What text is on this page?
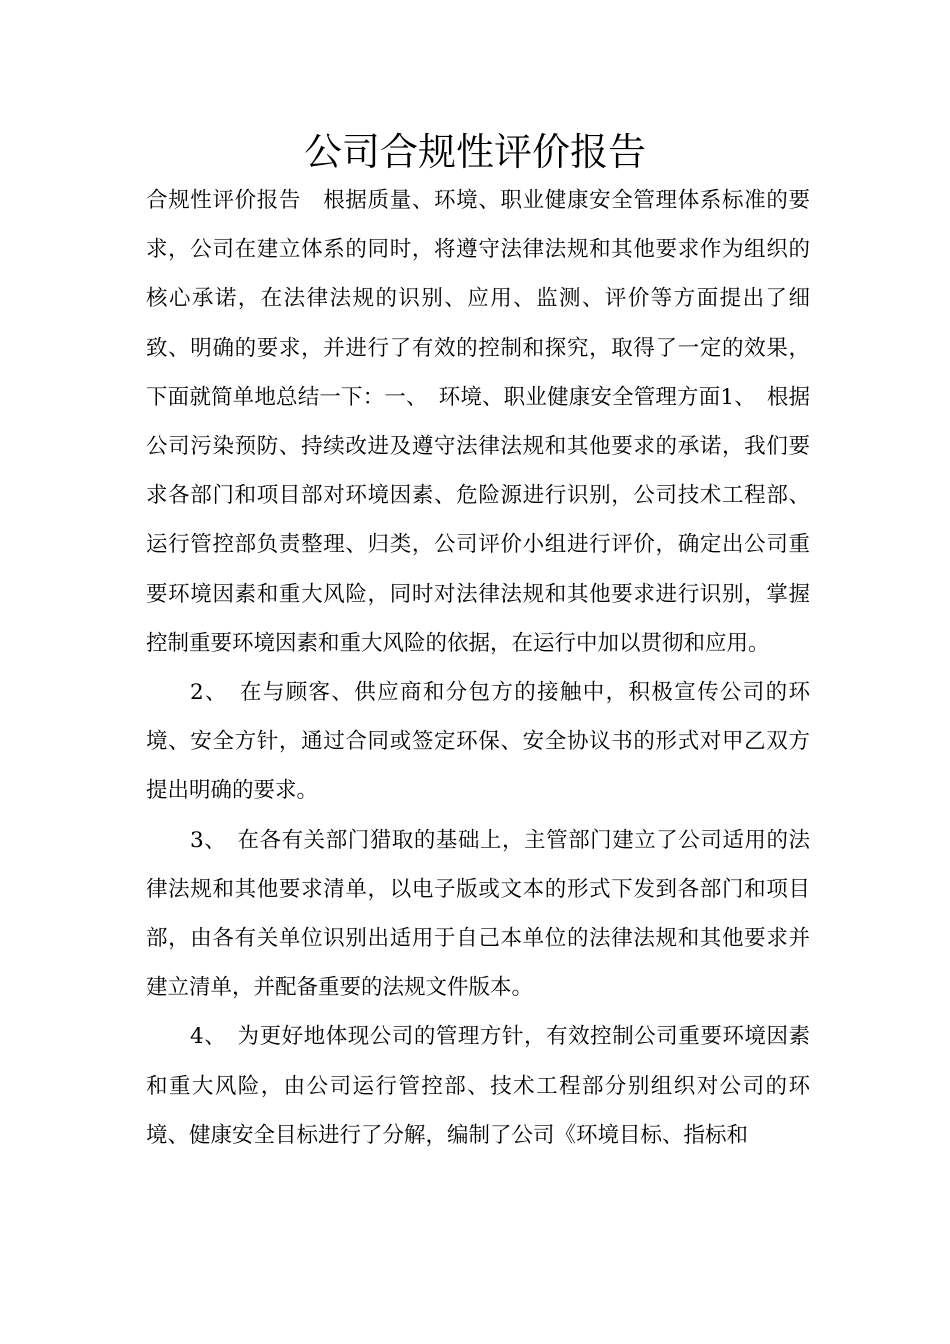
公司合规性评价报告

合规性评价报告　根据质量、环境、职业健康安全管理体系标准的要求，公司在建立体系的同时，将遵守法律法规和其他要求作为组织的核心承诺，在法律法规的识别、应用、监测、评价等方面提出了细致、明确的要求，并进行了有效的控制和探究，取得了一定的效果，下面就简单地总结一下：一、　环境、职业健康安全管理方面1、　根据公司污染预防、持续改进及遵守法律法规和其他要求的承诺，我们要求各部门和项目部对环境因素、危险源进行识别，公司技术工程部、运行管控部负责整理、归类，公司评价小组进行评价，确定出公司重要环境因素和重大风险，同时对法律法规和其他要求进行识别，掌握控制重要环境因素和重大风险的依据，在运行中加以贯彻和应用。

2、　在与顾客、供应商和分包方的接触中，积极宣传公司的环境、安全方针，通过合同或签定环保、安全协议书的形式对甲乙双方提出明确的要求。

3、　在各有关部门猎取的基础上，主管部门建立了公司适用的法律法规和其他要求清单，以电子版或文本的形式下发到各部门和项目部，由各有关单位识别出适用于自己本单位的法律法规和其他要求并建立清单，并配备重要的法规文件版本。

4、　为更好地体现公司的管理方针，有效控制公司重要环境因素和重大风险，由公司运行管控部、技术工程部分别组织对公司的环境、健康安全目标进行了分解，编制了公司《环境目标、指标和
